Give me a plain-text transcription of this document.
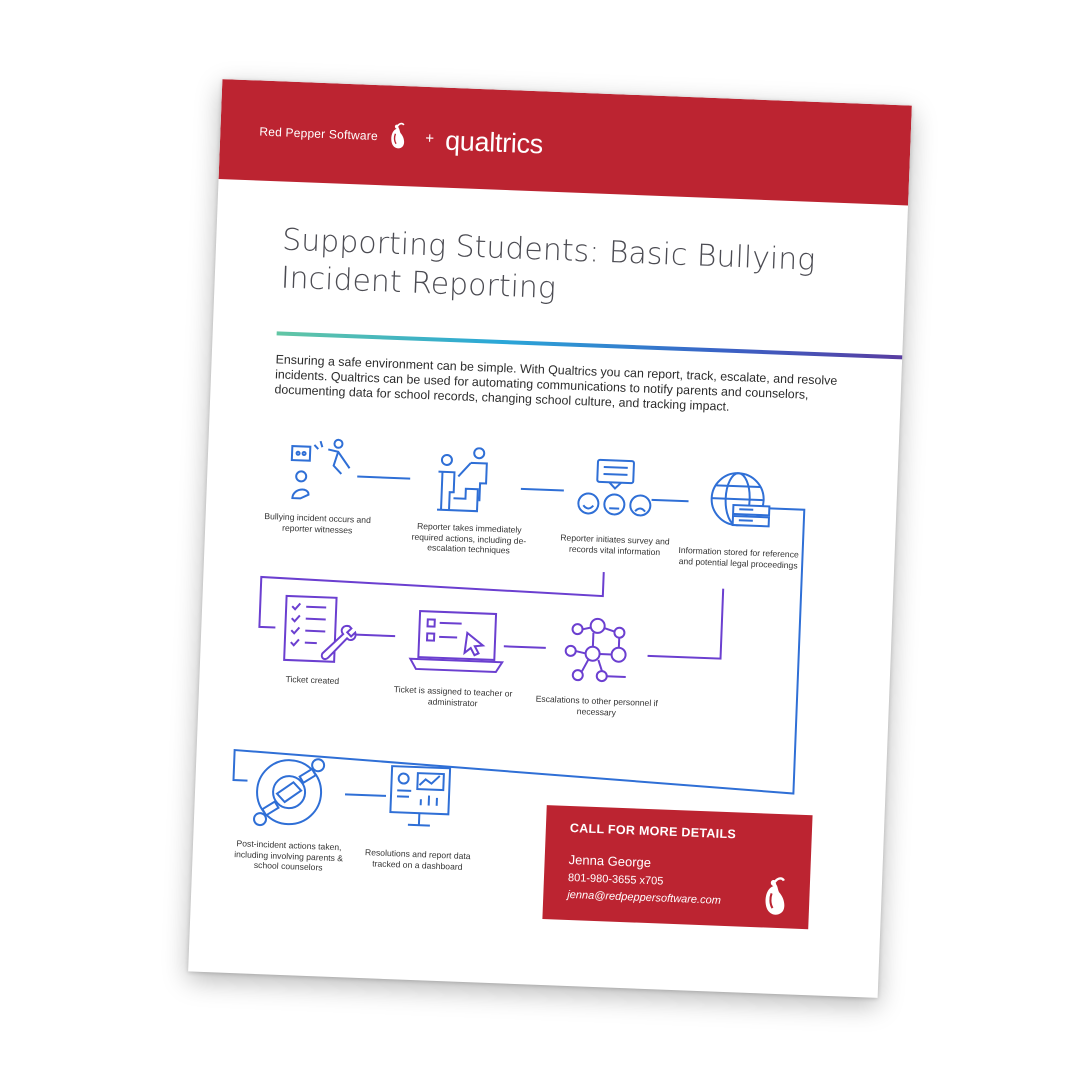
Red Pepper Software	+ qualtrics
Supporting Students: Basic Bullying Incident Reporting

Ensuring a safe environment can be simple. With Qualtrics you can report, track, escalate, and resolve incidents. Qualtrics can be used for automating communications to notify parents and counselors, documenting data for school records, changing school culture, and tracking impact.

Bullying incident occurs and reporter witnesses	Reporter takes immediately required actions, including de-escalation techniques
Reporter initiates survey and records vital information	Information stored for reference and potential legal proceedings
Ticket created
Ticket is assigned to teacher or administrator	Escalations to other personnel if necessary
Post-incident actions taken, including involving parents & school counselors
Resolutions and report data tracked on a dashboard
CALL FOR MORE DETAILS
Jenna George
801-980-3655 x705
jenna@redpeppersoftware.com
